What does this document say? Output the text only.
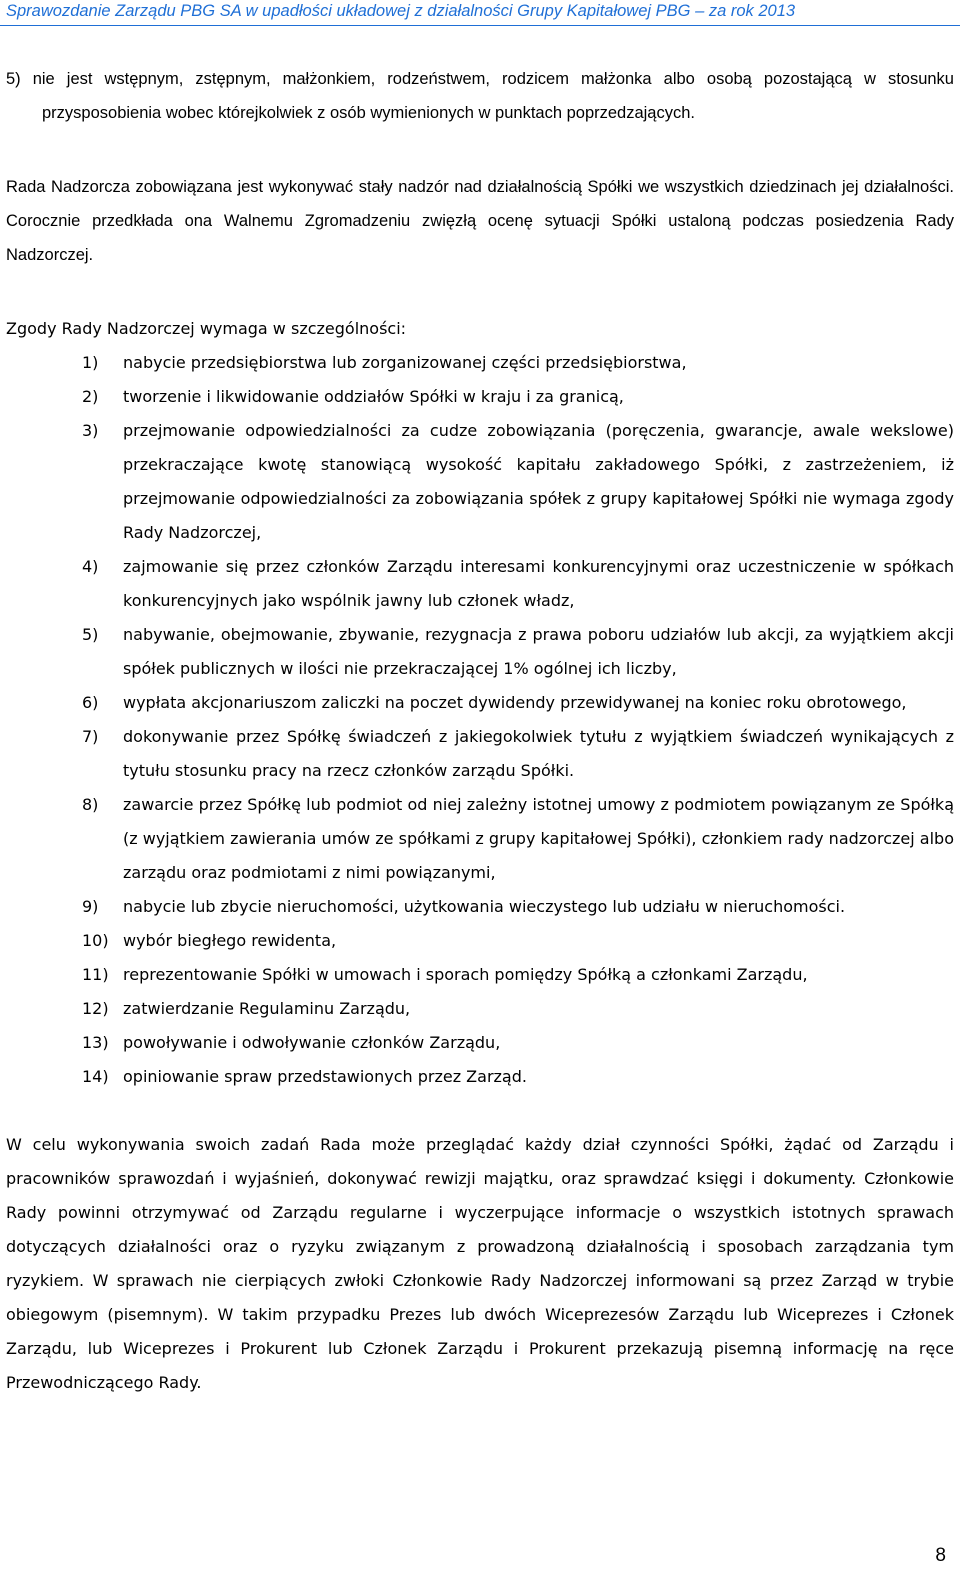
Sprawozdanie Zarządu PBG SA w upadłości układowej z działalności Grupy Kapitałowej PBG – za rok 2013

5) nie jest wstępnym, zstępnym, małżonkiem, rodzeństwem, rodzicem małżonka albo osobą pozostającą w stosunku przysposobienia wobec którejkolwiek z osób wymienionych w punktach poprzedzających.

Rada Nadzorcza zobowiązana jest wykonywać stały nadzór nad działalnością Spółki we wszystkich dziedzinach jej działalności. Corocznie przedkłada ona Walnemu Zgromadzeniu zwięzłą ocenę sytuacji Spółki ustaloną podczas posiedzenia Rady Nadzorczej.

Zgody Rady Nadzorczej wymaga w szczególności:

1) nabycie przedsiębiorstwa lub zorganizowanej części przedsiębiorstwa,
2) tworzenie i likwidowanie oddziałów Spółki w kraju i za granicą,
3) przejmowanie odpowiedzialności za cudze zobowiązania (poręczenia, gwarancje, awale wekslowe) przekraczające kwotę stanowiącą wysokość kapitału zakładowego Spółki, z zastrzeżeniem, iż przejmowanie odpowiedzialności za zobowiązania spółek z grupy kapitałowej Spółki nie wymaga zgody Rady Nadzorczej,
4) zajmowanie się przez członków Zarządu interesami konkurencyjnymi oraz uczestniczenie w spółkach konkurencyjnych jako wspólnik jawny lub członek władz,
5) nabywanie, obejmowanie, zbywanie, rezygnacja z prawa poboru udziałów lub akcji, za wyjątkiem akcji spółek publicznych w ilości nie przekraczającej 1% ogólnej ich liczby,
6) wypłata akcjonariuszom zaliczki na poczet dywidendy przewidywanej na koniec roku obrotowego,
7) dokonywanie przez Spółkę świadczeń z jakiegokolwiek tytułu z wyjątkiem świadczeń wynikających z tytułu stosunku pracy na rzecz członków zarządu Spółki.
8) zawarcie przez Spółkę lub podmiot od niej zależny istotnej umowy z podmiotem powiązanym ze Spółką (z wyjątkiem zawierania umów ze spółkami z grupy kapitałowej Spółki), członkiem rady nadzorczej albo zarządu oraz podmiotami z nimi powiązanymi,
9) nabycie lub zbycie nieruchomości, użytkowania wieczystego lub udziału w nieruchomości.
10) wybór biegłego rewidenta,
11) reprezentowanie Spółki w umowach i sporach pomiędzy Spółką a członkami Zarządu,
12) zatwierdzanie Regulaminu Zarządu,
13) powoływanie i odwoływanie członków Zarządu,
14) opiniowanie spraw przedstawionych przez Zarząd.

W celu wykonywania swoich zadań Rada może przeglądać każdy dział czynności Spółki, żądać od Zarządu i pracowników sprawozdań i wyjaśnień, dokonywać rewizji majątku, oraz sprawdzać księgi i dokumenty. Członkowie Rady powinni otrzymywać od Zarządu regularne i wyczerpujące informacje o wszystkich istotnych sprawach dotyczących działalności oraz o ryzyku związanym z prowadzoną działalnością i sposobach zarządzania tym ryzykiem. W sprawach nie cierpiących zwłoki Członkowie Rady Nadzorczej informowani są przez Zarząd w trybie obiegowym (pisemnym). W takim przypadku Prezes lub dwóch Wiceprezesów Zarządu lub Wiceprezes i Członek Zarządu, lub Wiceprezes i Prokurent lub Członek Zarządu i Prokurent przekazują pisemną informację na ręce Przewodniczącego Rady.

8
